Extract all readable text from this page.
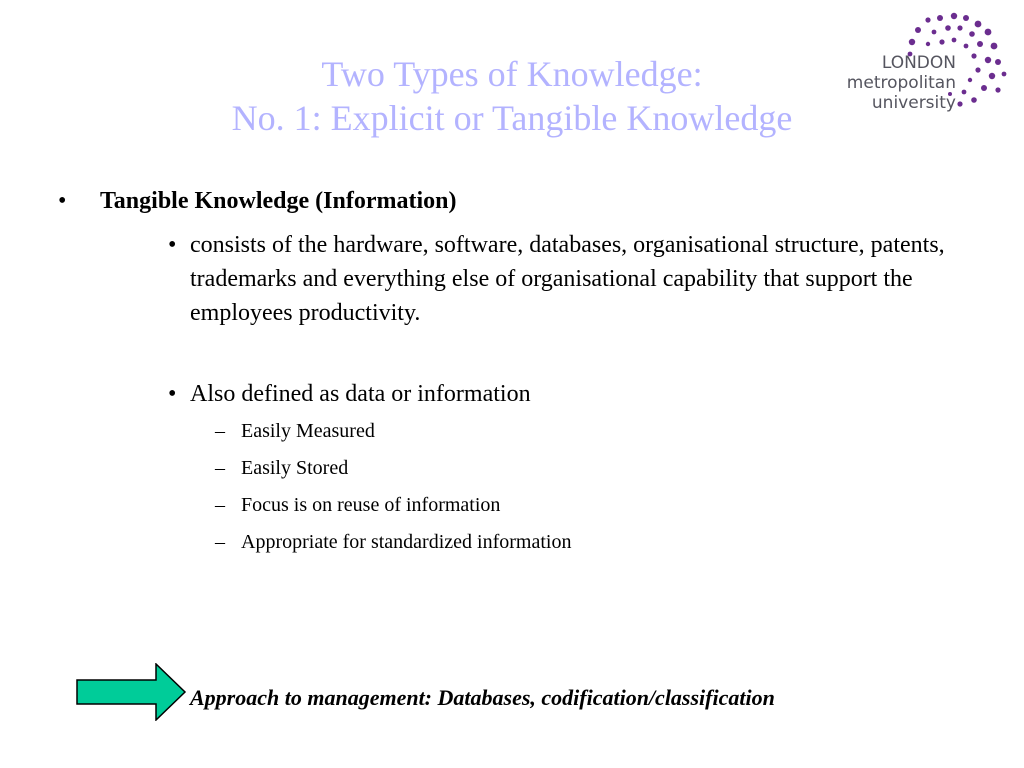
Two Types of Knowledge:
No. 1: Explicit or Tangible Knowledge
LONDON
metropolitan
university
• Tangible Knowledge (Information)
• consists of the hardware, software, databases, organisational structure, patents, trademarks and everything else of organisational capability that support the employees productivity.
• Also defined as data or information
– Easily Measured
– Easily Stored
– Focus is on reuse of information
– Appropriate for standardized information
Approach to management: Databases, codification/classification
